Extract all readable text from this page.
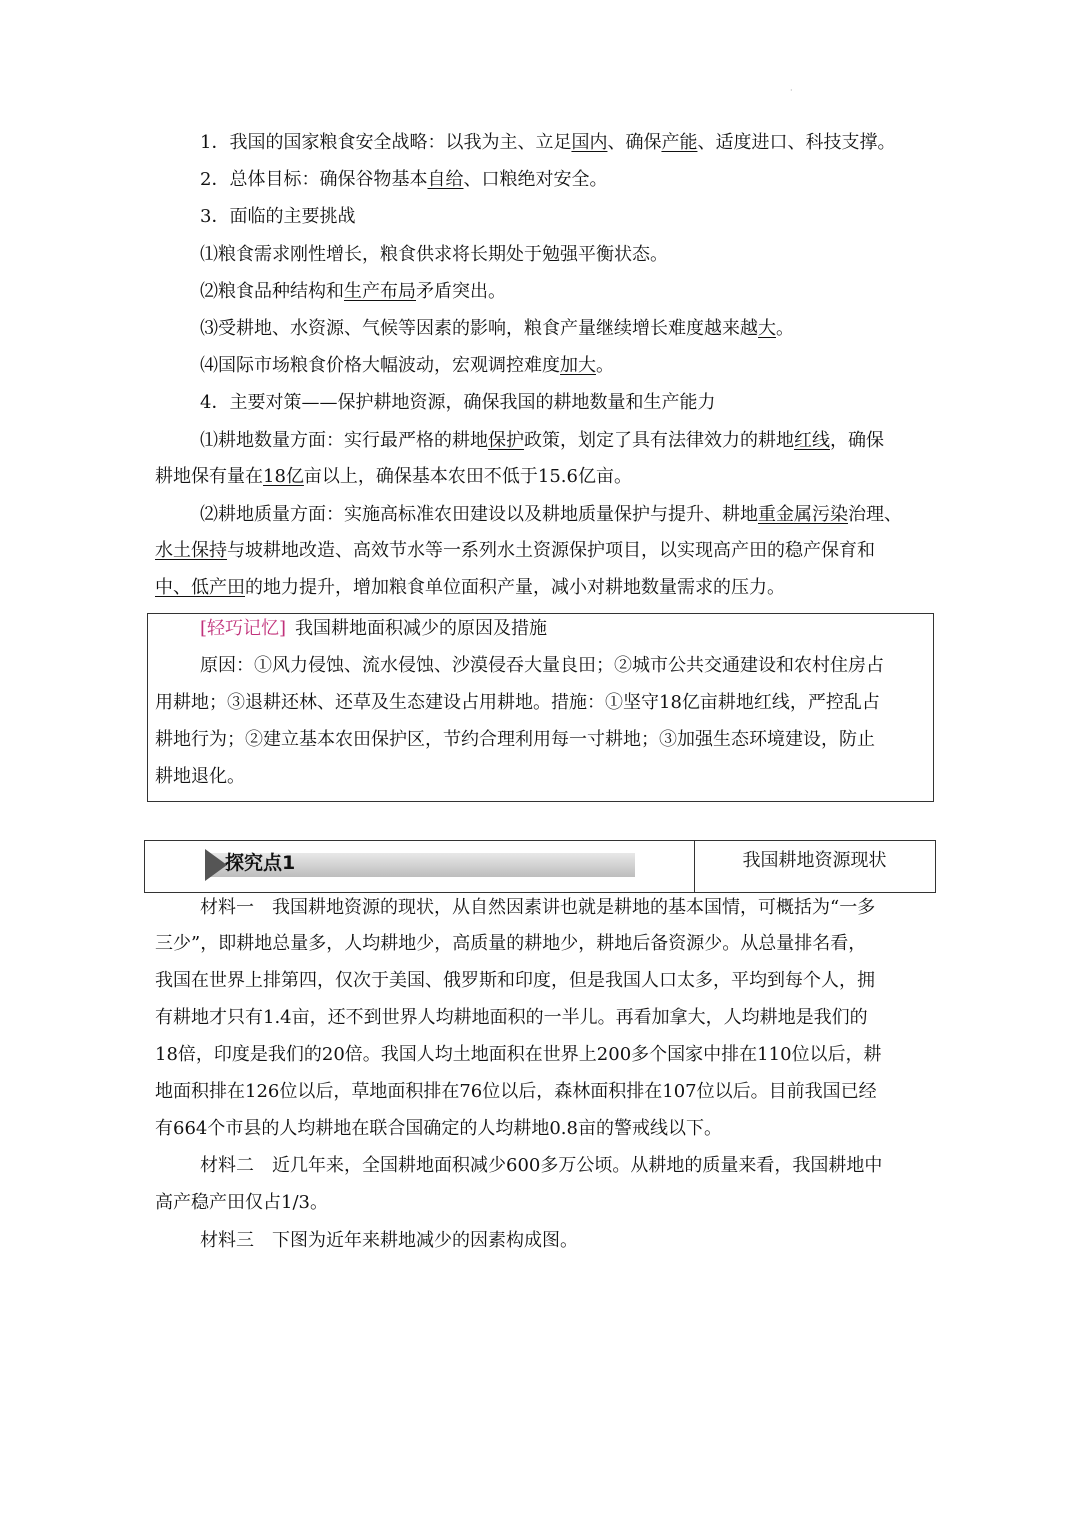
·
1．我国的国家粮食安全战略：以我为主、立足国内、确保产能、适度进口、科技支撑。
2．总体目标：确保谷物基本自给、口粮绝对安全。
3．面临的主要挑战
⑴粮食需求刚性增长，粮食供求将长期处于勉强平衡状态。
⑵粮食品种结构和生产布局矛盾突出。
⑶受耕地、水资源、气候等因素的影响，粮食产量继续增长难度越来越大。
⑷国际市场粮食价格大幅波动，宏观调控难度加大。
4．主要对策——保护耕地资源，确保我国的耕地数量和生产能力
⑴耕地数量方面：实行最严格的耕地保护政策，划定了具有法律效力的耕地红线，确保
耕地保有量在18亿亩以上，确保基本农田不低于15.6亿亩。
⑵耕地质量方面：实施高标准农田建设以及耕地质量保护与提升、耕地重金属污染治理、
水土保持与坡耕地改造、高效节水等一系列水土资源保护项目，以实现高产田的稳产保育和
中、低产田的地力提升，增加粮食单位面积产量，减小对耕地数量需求的压力。
[轻巧记忆]  我国耕地面积减少的原因及措施
原因：①风力侵蚀、流水侵蚀、沙漠侵吞大量良田；②城市公共交通建设和农村住房占
用耕地；③退耕还林、还草及生态建设占用耕地。措施：①坚守18亿亩耕地红线，严控乱占
耕地行为；②建立基本农田保护区，节约合理利用每一寸耕地；③加强生态环境建设，防止
耕地退化。
探究点1	我国耕地资源现状
材料一　我国耕地资源的现状，从自然因素讲也就是耕地的基本国情，可概括为“一多
三少”，即耕地总量多，人均耕地少，高质量的耕地少，耕地后备资源少。从总量排名看，
我国在世界上排第四，仅次于美国、俄罗斯和印度，但是我国人口太多，平均到每个人，拥
有耕地才只有1.4亩，还不到世界人均耕地面积的一半儿。再看加拿大，人均耕地是我们的
18倍，印度是我们的20倍。我国人均土地面积在世界上200多个国家中排在110位以后，耕
地面积排在126位以后，草地面积排在76位以后，森林面积排在107位以后。目前我国已经
有664个市县的人均耕地在联合国确定的人均耕地0.8亩的警戒线以下。
材料二　近几年来，全国耕地面积减少600多万公顷。从耕地的质量来看，我国耕地中
高产稳产田仅占1/3。
材料三　下图为近年来耕地减少的因素构成图。
